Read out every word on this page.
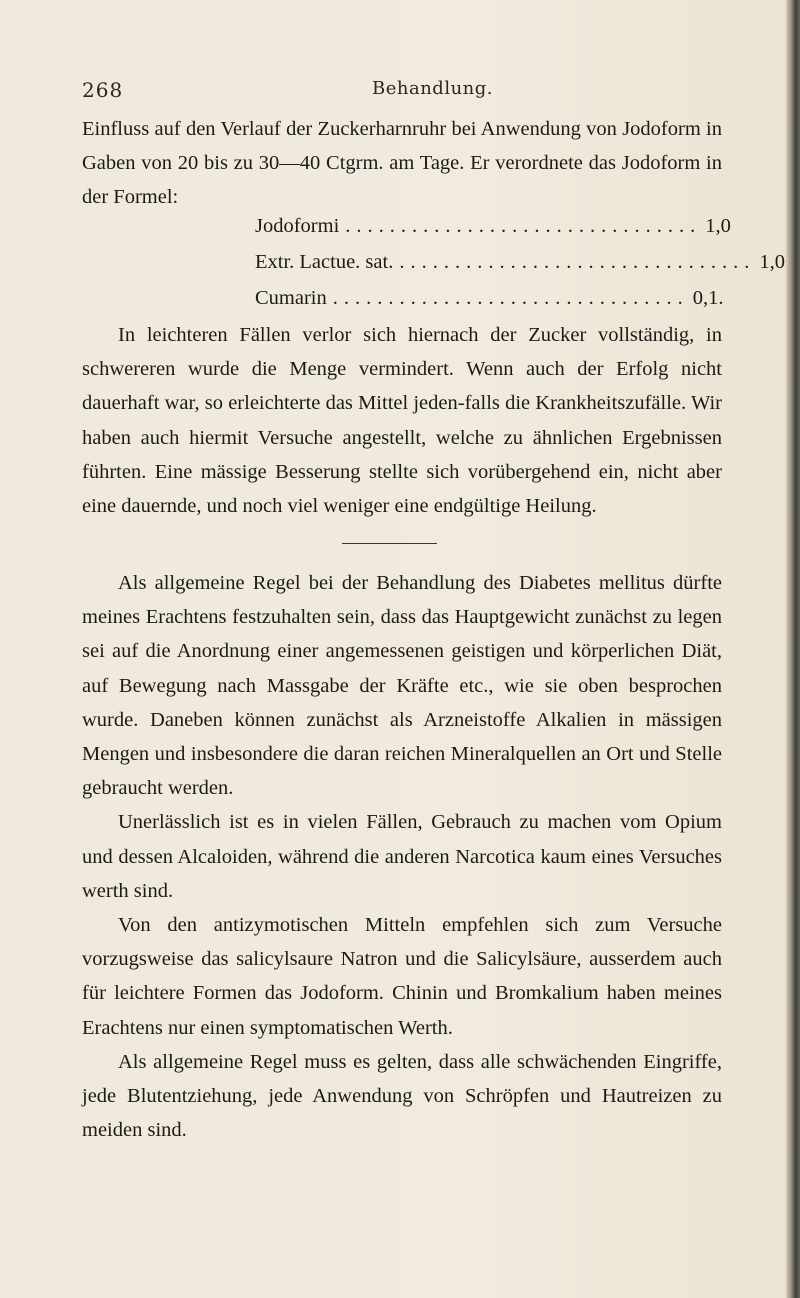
268	Behandlung.

Einfluss auf den Verlauf der Zuckerharnruhr bei Anwendung von Jodoform in Gaben von 20 bis zu 30—40 Ctgrm. am Tage. Er verordnete das Jodoform in der Formel:

Jodoformi ................................ 1,0
Extr. Lactue. sat. ................................ 1,0
Cumarin ................................ 0,1.

In leichteren Fällen verlor sich hiernach der Zucker vollständig, in schwereren wurde die Menge vermindert. Wenn auch der Erfolg nicht dauerhaft war, so erleichterte das Mittel jeden-falls die Krankheitszufälle. Wir haben auch hiermit Versuche angestellt, welche zu ähnlichen Ergebnissen führten. Eine mässige Besserung stellte sich vorübergehend ein, nicht aber eine dauernde, und noch viel weniger eine endgültige Heilung.

Als allgemeine Regel bei der Behandlung des Diabetes mellitus dürfte meines Erachtens festzuhalten sein, dass das Hauptgewicht zunächst zu legen sei auf die Anordnung einer angemessenen geistigen und körperlichen Diät, auf Bewegung nach Massgabe der Kräfte etc., wie sie oben besprochen wurde. Daneben können zunächst als Arzneistoffe Alkalien in mässigen Mengen und insbesondere die daran reichen Mineralquellen an Ort und Stelle gebraucht werden.

Unerlässlich ist es in vielen Fällen, Gebrauch zu machen vom Opium und dessen Alcaloiden, während die anderen Narcotica kaum eines Versuches werth sind.

Von den antizymotischen Mitteln empfehlen sich zum Versuche vorzugsweise das salicylsaure Natron und die Salicylsäure, ausserdem auch für leichtere Formen das Jodoform. Chinin und Bromkalium haben meines Erachtens nur einen symptomatischen Werth.

Als allgemeine Regel muss es gelten, dass alle schwächenden Eingriffe, jede Blutentziehung, jede Anwendung von Schröpfen und Hautreizen zu meiden sind.
